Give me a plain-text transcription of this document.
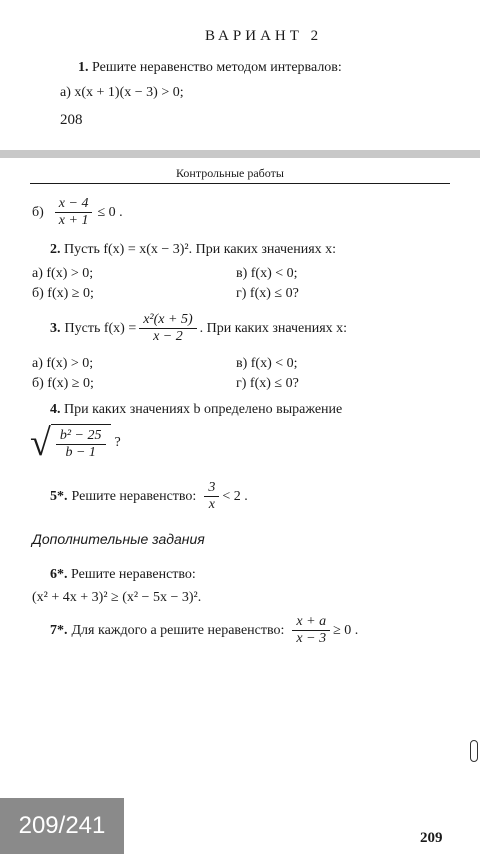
ВАРИАНТ 2
1. Решите неравенство методом интервалов:
а) x(x + 1)(x − 3) > 0;
208
Контрольные работы
$б) \frac{x - 4}{x + 1} \le 0$ .
2. Пусть f(x) = x(x − 3)². При каких значениях x:
а) f(x) > 0;
б) f(x) ≥ 0;
в) f(x) < 0;
г) f(x) ≤ 0?
3. Пусть $f(x) = \frac{\text{x²(x + 5)}}{x - 2}$ . При каких значениях x:
а) f(x) > 0;
б) f(x) ≥ 0;
в) f(x) < 0;
г) f(x) ≤ 0?
4. При каких значениях b определено выражение
√ $\frac{\text{b² − 25}}{b - 1}$ ?
5*. Решите неравенство: $\frac{3}{x} < 2$ .
Дополнительные задания
6*. Решите неравенство:
(x² + 4x + 3)² ≥ (x² − 5x − 3)².
7*. Для каждого a решите неравенство: $\frac{x + a}{x - 3} \ge 0$ .
209
209/241
